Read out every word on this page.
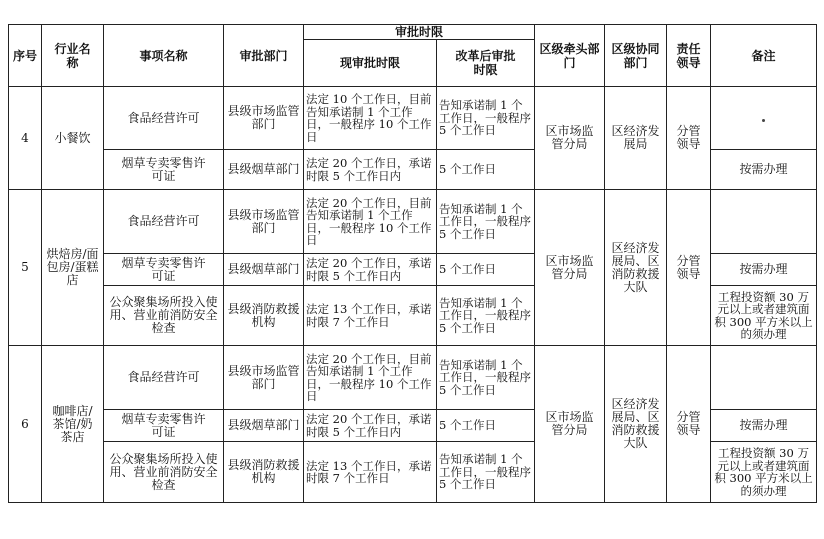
序号	行业名称	事项名称	审批部门	审批时限		区级牵头部门	区级协同部门	责任领导	备注
				现审批时限	改革后审批时限				
4	小餐饮	食品经营许可	县级市场监管部门	法定 10 个工作日，目前告知承诺制 1 个工作日，一般程序 10 个工作日	告知承诺制 1 个工作日，一般程序 5 个工作日	区市场监管分局	区经济发展局	分管领导	
		烟草专卖零售许可证	县级烟草部门	法定 20 个工作日，承诺时限 5 个工作日内	5 个工作日				按需办理
5	烘焙房/面包房/蛋糕店	食品经营许可	县级市场监管部门	法定 20 个工作日，目前告知承诺制 1 个工作日，一般程序 10 个工作日	告知承诺制 1 个工作日，一般程序 5 个工作日	区市场监管分局	区经济发展局、区消防救援大队	分管领导	
		烟草专卖零售许可证	县级烟草部门	法定 20 个工作日，承诺时限 5 个工作日内	5 个工作日				按需办理
		公众聚集场所投入使用、营业前消防安全检查	县级消防救援机构	法定 13 个工作日，承诺时限 7 个工作日	告知承诺制 1 个工作日，一般程序 5 个工作日				工程投资额 30 万元以上或者建筑面积 300 平方米以上的须办理
6	咖啡店/茶馆/奶茶店	食品经营许可	县级市场监管部门	法定 20 个工作日，目前告知承诺制 1 个工作日，一般程序 10 个工作日	告知承诺制 1 个工作日，一般程序 5 个工作日	区市场监管分局	区经济发展局、区消防救援大队	分管领导	
		烟草专卖零售许可证	县级烟草部门	法定 20 个工作日，承诺时限 5 个工作日内	5 个工作日				按需办理
		公众聚集场所投入使用、营业前消防安全检查	县级消防救援机构	法定 13 个工作日，承诺时限 7 个工作日	告知承诺制 1 个工作日，一般程序 5 个工作日				工程投资额 30 万元以上或者建筑面积 300 平方米以上的须办理
